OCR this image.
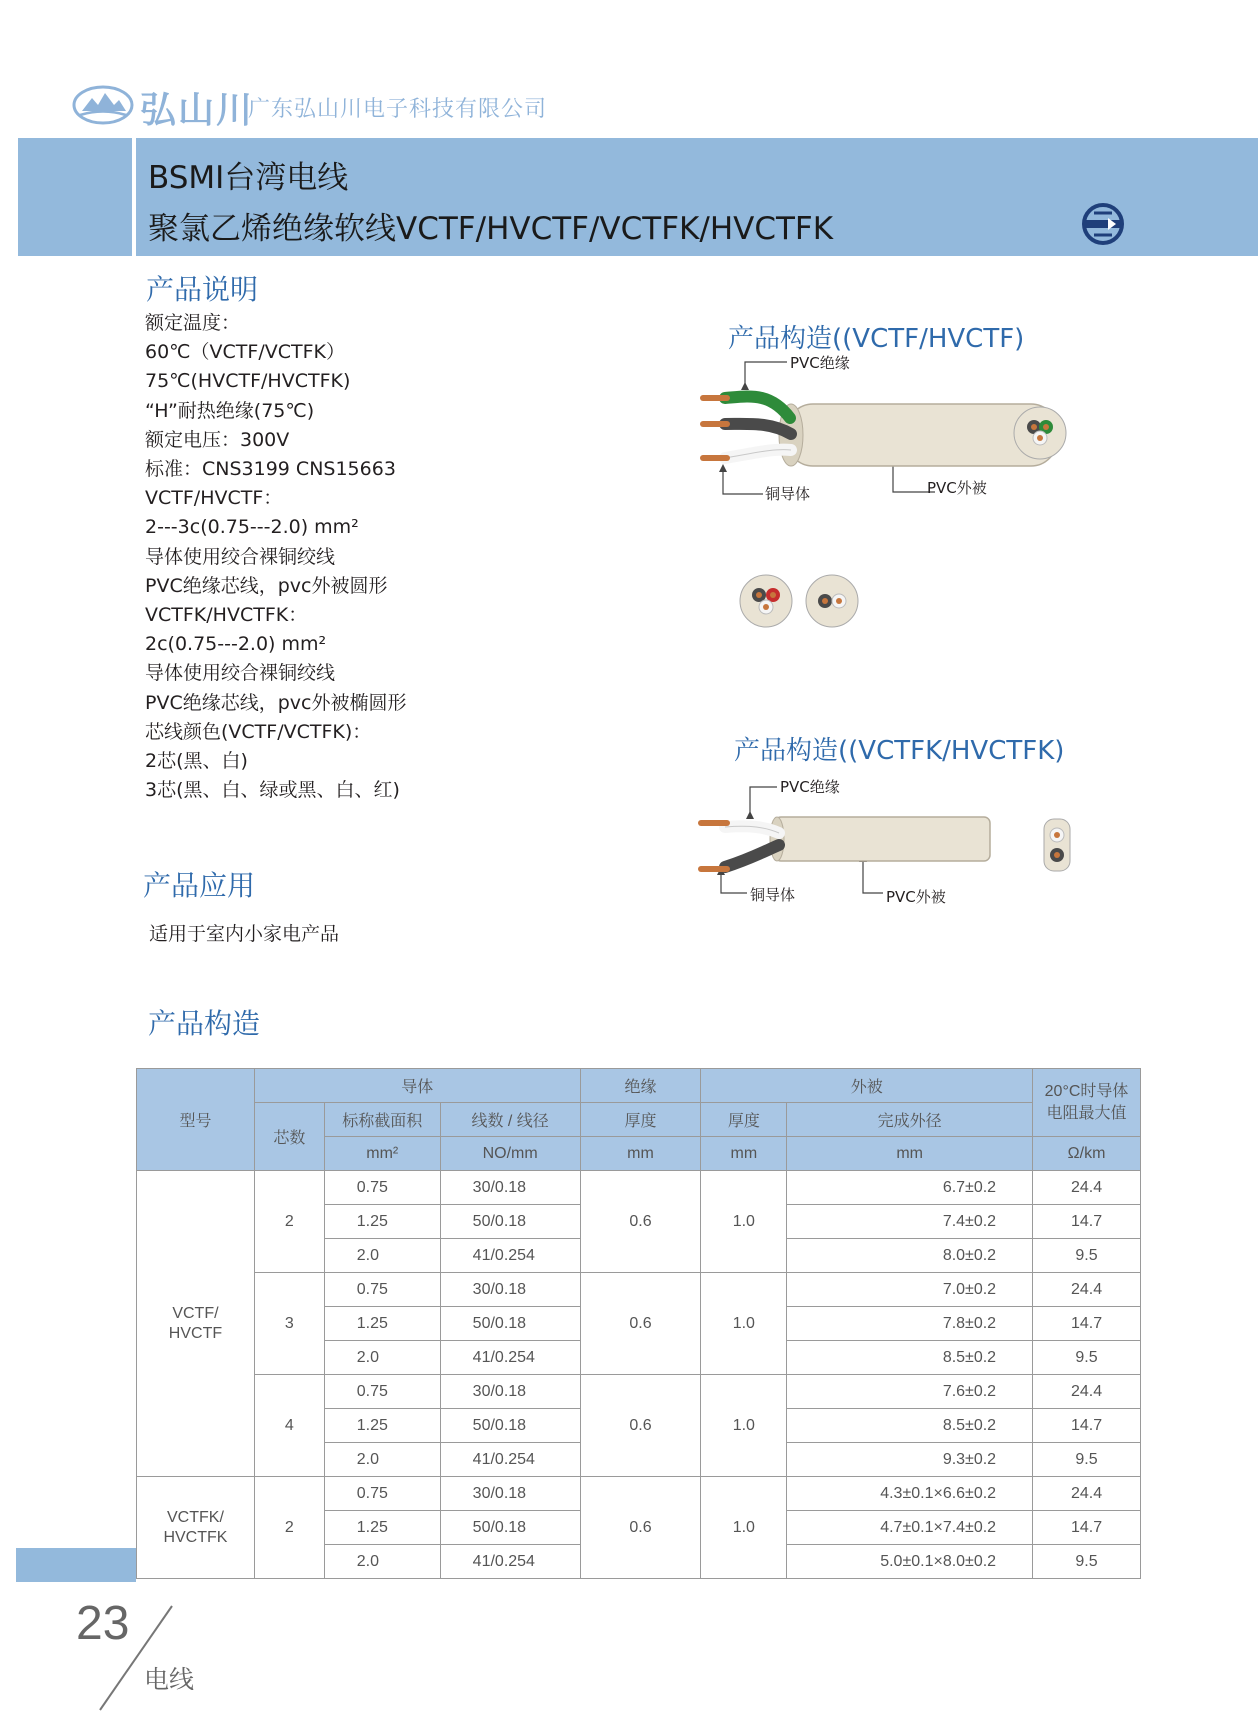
弘山川
广东弘山川电子科技有限公司
BSMI台湾电线
聚氯乙烯绝缘软线VCTF/HVCTF/VCTFK/HVCTFK
产品说明
额定温度：
60℃（VCTF/VCTFK）
75℃(HVCTF/HVCTFK)
“H”耐热绝缘(75℃)
额定电压：300V
标准：CNS3199 CNS15663
VCTF/HVCTF：
2---3c(0.75---2.0) mm²
导体使用绞合裸铜绞线
PVC绝缘芯线，pvc外被圆形
VCTFK/HVCTFK：
2c(0.75---2.0) mm²
导体使用绞合裸铜绞线
PVC绝缘芯线，pvc外被椭圆形
芯线颜色(VCTF/VCTFK)：
2芯(黑、白)
3芯(黑、白、绿或黑、白、红)
产品应用
适用于室内小家电产品
产品构造((VCTF/HVCTF)
PVC绝缘
铜导体	PVC外被
产品构造((VCTFK/HVCTFK)
PVC绝缘
铜导体	PVC外被
产品构造
型号	导体			绝缘	外被		20°C时导体电阻最大值
	芯数	标称截面积	线数 / 线径	厚度	厚度	完成外径	
		mm²	NO/mm	mm	mm	mm	Ω/km

VCTF/
HVCTF	2	0.75	30/0.18	0.6	1.0	6.7±0.2	24.4
		1.25	50/0.18			7.4±0.2	14.7
		2.0	41/0.254			8.0±0.2	9.5
	3	0.75	30/0.18	0.6	1.0	7.0±0.2	24.4
		1.25	50/0.18			7.8±0.2	14.7
		2.0	41/0.254			8.5±0.2	9.5
	4	0.75	30/0.18	0.6	1.0	7.6±0.2	24.4
		1.25	50/0.18			8.5±0.2	14.7
		2.0	41/0.254			9.3±0.2	9.5

VCTFK/
HVCTFK	2	0.75	30/0.18	0.6	1.0	4.3±0.1×6.6±0.2	24.4
		1.25	50/0.18			4.7±0.1×7.4±0.2	14.7
		2.0	41/0.254			5.0±0.1×8.0±0.2	9.5
23
电线
